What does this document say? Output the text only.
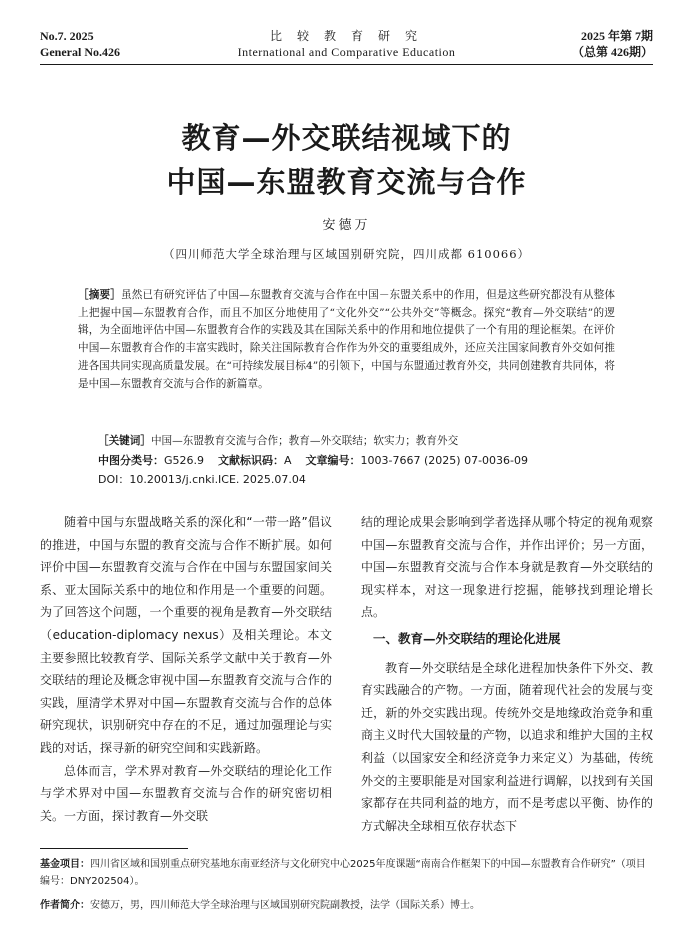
No.7. 2025
General No.426
比 较 教 育 研 究
International and Comparative Education
2025 年第 7期
（总第 426期）
教育—外交联结视域下的
中国—东盟教育交流与合作
安德万
（四川师范大学全球治理与区域国别研究院，四川成都 610066）
［摘要］虽然已有研究评估了中国—东盟教育交流与合作在中国－东盟关系中的作用，但是这些研究都没有从整体上把握中国—东盟教育合作，而且不加区分地使用了“文化外交”“公共外交”等概念。探究“教育—外交联结”的逻辑，为全面地评估中国—东盟教育合作的实践及其在国际关系中的作用和地位提供了一个有用的理论框架。在评价中国—东盟教育合作的丰富实践时，除关注国际教育合作作为外交的重要组成外，还应关注国家间教育外交如何推进各国共同实现高质量发展。在“可持续发展目标4”的引领下，中国与东盟通过教育外交，共同创建教育共同体，将是中国—东盟教育交流与合作的新篇章。
［关键词］中国—东盟教育交流与合作；教育—外交联结；软实力；教育外交
中图分类号：G526.9 文献标识码：A 文章编号：1003-7667 (2025) 07-0036-09
DOI：10.20013/j.cnki.ICE. 2025.07.04

随着中国与东盟战略关系的深化和“一带一路”倡议的推进，中国与东盟的教育交流与合作不断扩展。如何评价中国—东盟教育交流与合作在中国与东盟国家间关系、亚太国际关系中的地位和作用是一个重要的问题。为了回答这个问题，一个重要的视角是教育—外交联结（education-diplomacy nexus）及相关理论。本文主要参照比较教育学、国际关系学文献中关于教育—外交联结的理论及概念审视中国—东盟教育交流与合作的实践，厘清学术界对中国—东盟教育交流与合作的总体研究现状，识别研究中存在的不足，通过加强理论与实践的对话，探寻新的研究空间和实践新路。

总体而言，学术界对教育—外交联结的理论化工作与学术界对中国—东盟教育交流与合作的研究密切相关。一方面，探讨教育—外交联

结的理论成果会影响到学者选择从哪个特定的视角观察中国—东盟教育交流与合作，并作出评价；另一方面，中国—东盟教育交流与合作本身就是教育—外交联结的现实样本，对这一现象进行挖掘，能够找到理论增长点。

一、教育—外交联结的理论化进展

教育—外交联结是全球化进程加快条件下外交、教育实践融合的产物。一方面，随着现代社会的发展与变迁，新的外交实践出现。传统外交是地缘政治竞争和重商主义时代大国较量的产物，以追求和维护大国的主权利益（以国家安全和经济竞争力来定义）为基础，传统外交的主要职能是对国家利益进行调解，以找到有关国家都存在共同利益的地方，而不是考虑以平衡、协作的方式解决全球相互依存状态下

基金项目：四川省区域和国别重点研究基地东南亚经济与文化研究中心2025年度课题“南南合作框架下的中国—东盟教育合作研究”（项目编号：DNY202504）。
作者简介：安德万，男，四川师范大学全球治理与区域国别研究院副教授，法学（国际关系）博士。
